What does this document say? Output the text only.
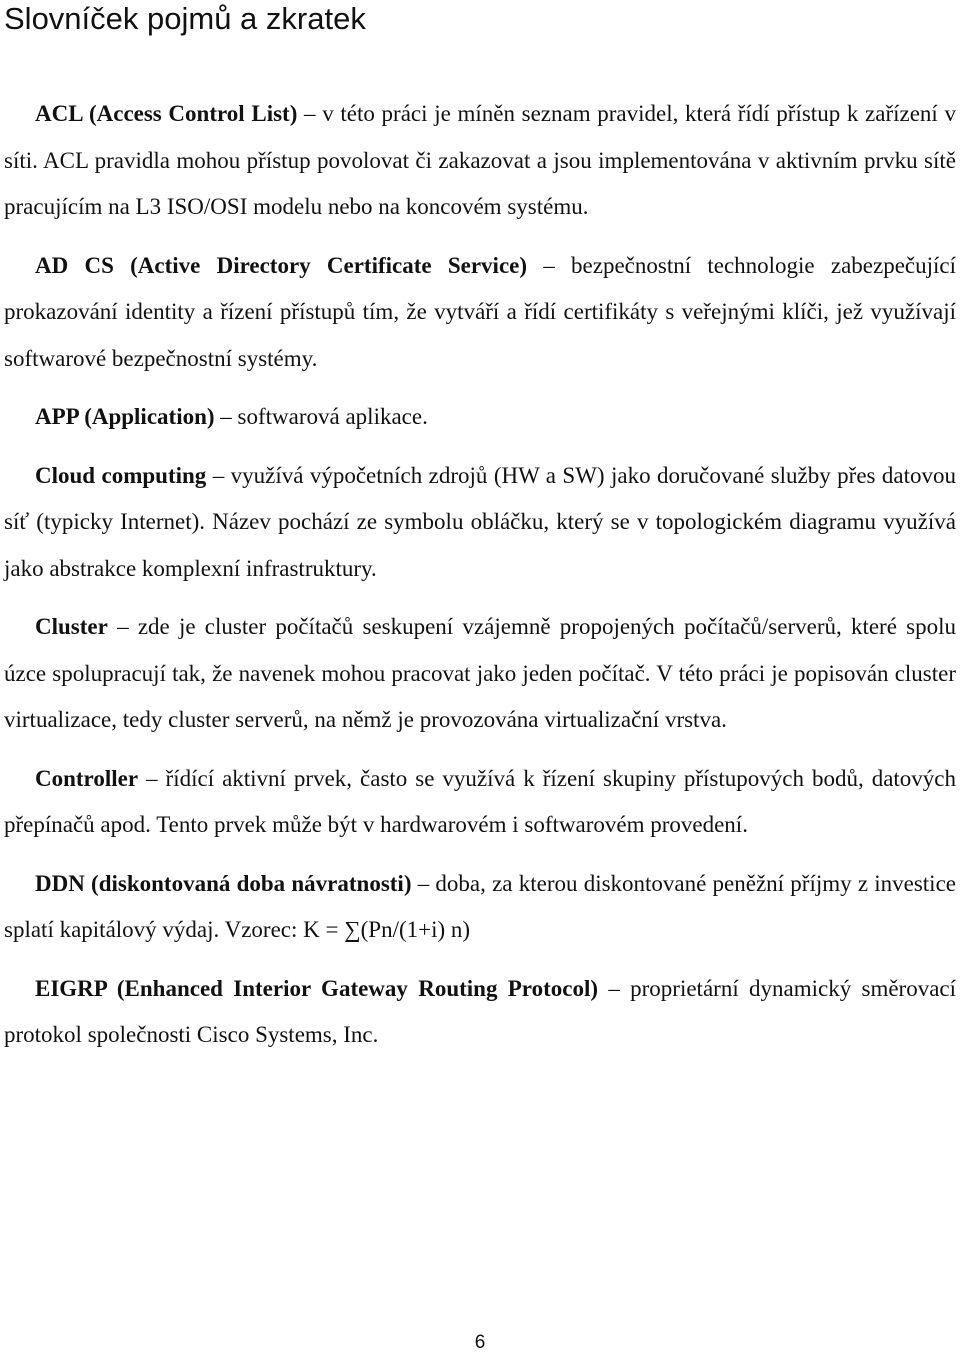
Slovníček pojmů a zkratek

ACL (Access Control List) – v této práci je míněn seznam pravidel, která řídí přístup k zařízení v síti. ACL pravidla mohou přístup povolovat či zakazovat a jsou implementována v aktivním prvku sítě pracujícím na L3 ISO/OSI modelu nebo na koncovém systému.

AD CS (Active Directory Certificate Service) – bezpečnostní technologie zabezpečující prokazování identity a řízení přístupů tím, že vytváří a řídí certifikáty s veřejnými klíči, jež využívají softwarové bezpečnostní systémy.

APP (Application) – softwarová aplikace.

Cloud computing – využívá výpočetních zdrojů (HW a SW) jako doručované služby přes datovou síť (typicky Internet). Název pochází ze symbolu obláčku, který se v topologickém diagramu využívá jako abstrakce komplexní infrastruktury.

Cluster – zde je cluster počítačů seskupení vzájemně propojených počítačů/serverů, které spolu úzce spolupracují tak, že navenek mohou pracovat jako jeden počítač. V této práci je popisován cluster virtualizace, tedy cluster serverů, na němž je provozována virtualizační vrstva.

Controller – řídící aktivní prvek, často se využívá k řízení skupiny přístupových bodů, datových přepínačů apod. Tento prvek může být v hardwarovém i softwarovém provedení.

DDN (diskontovaná doba návratnosti) – doba, za kterou diskontované peněžní příjmy z investice splatí kapitálový výdaj. Vzorec: K = ∑(Pn/(1+i) n)

EIGRP (Enhanced Interior Gateway Routing Protocol) – proprietární dynamický směrovací protokol společnosti Cisco Systems, Inc.

6
